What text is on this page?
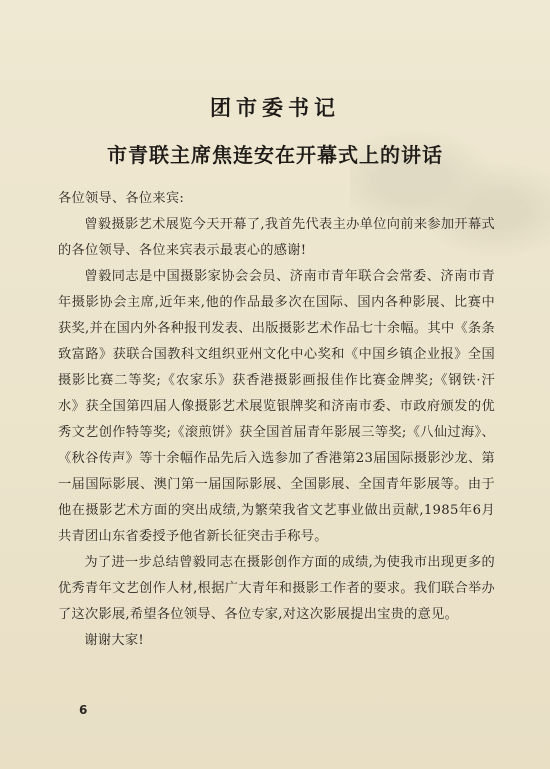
团市委书记
市青联主席焦连安在开幕式上的讲话

各位领导、各位来宾:

曾毅摄影艺术展览今天开幕了,我首先代表主办单位向前来参加开幕式的各位领导、各位来宾表示最衷心的感谢!

曾毅同志是中国摄影家协会会员、济南市青年联合会常委、济南市青年摄影协会主席,近年来,他的作品最多次在国际、国内各种影展、比赛中获奖,并在国内外各种报刊发表、出版摄影艺术作品七十余幅。其中《条条致富路》获联合国教科文组织亚州文化中心奖和《中国乡镇企业报》全国摄影比赛二等奖;《农家乐》获香港摄影画报佳作比赛金牌奖;《钢铁·汗水》获全国第四届人像摄影艺术展览银牌奖和济南市委、市政府颁发的优秀文艺创作特等奖;《滚煎饼》获全国首届青年影展三等奖;《八仙过海》、《秋谷传声》等十余幅作品先后入选参加了香港第23届国际摄影沙龙、第一届国际影展、澳门第一届国际影展、全国影展、全国青年影展等。由于他在摄影艺术方面的突出成绩,为繁荣我省文艺事业做出贡献,1985年6月共青团山东省委授予他省新长征突击手称号。

为了进一步总结曾毅同志在摄影创作方面的成绩,为使我市出现更多的优秀青年文艺创作人材,根据广大青年和摄影工作者的要求。我们联合举办了这次影展,希望各位领导、各位专家,对这次影展提出宝贵的意见。

谢谢大家!

6
